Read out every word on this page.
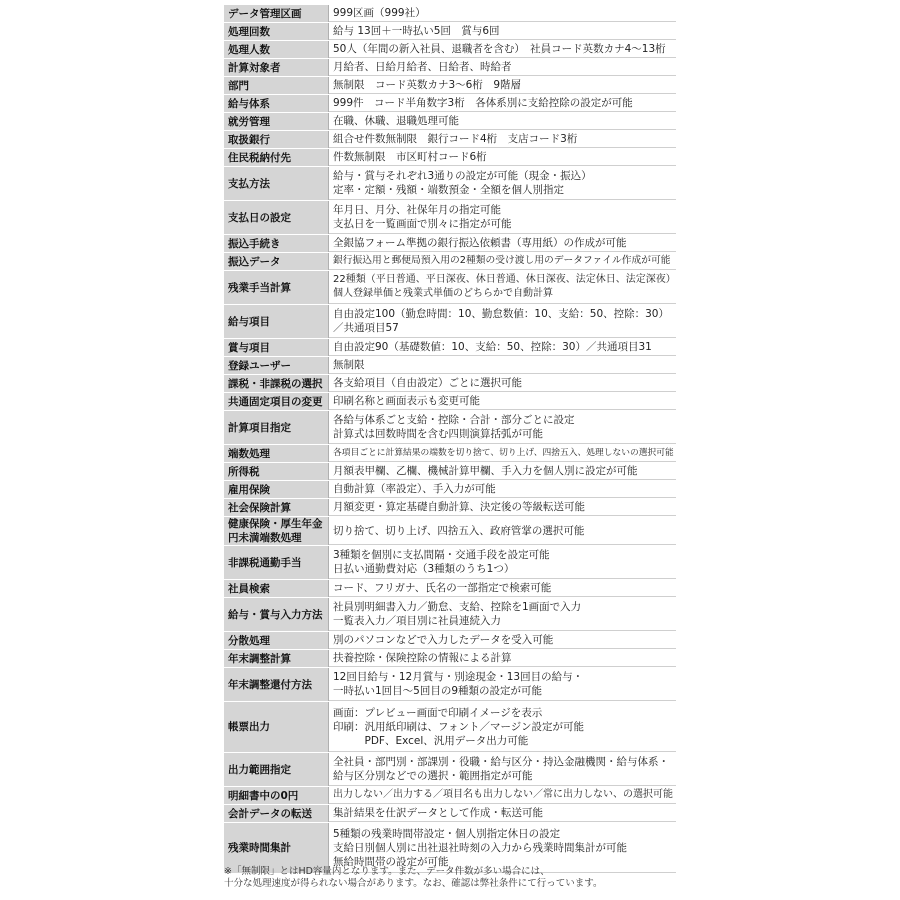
データ管理区画	999区画（999社）

処理回数	給与 13回＋一時払い5回　賞与6回

処理人数	50人（年間の新入社員、退職者を含む）　社員コード英数カナ4～13桁

計算対象者	月給者、日給月給者、日給者、時給者

部門	無制限　コード英数カナ3～6桁　9階層

給与体系	999件　コード半角数字3桁　各体系別に支給控除の設定が可能

就労管理	在職、休職、退職処理可能

取扱銀行	組合せ件数無制限　銀行コード4桁　支店コード3桁

住民税納付先	件数無制限　市区町村コード6桁

支払方法	給与・賞与それぞれ3通りの設定が可能（現金・振込）
定率・定額・残額・端数預金・全額を個人別指定

支払日の設定	年月日、月分、社保年月の指定可能
支払日を一覧画面で別々に指定が可能

振込手続き	全銀協フォーム準拠の銀行振込依頼書（専用紙）の作成が可能

振込データ	銀行振込用と郵便局預入用の2種類の受け渡し用のデータファイル作成が可能

残業手当計算	22種類（平日普通、平日深夜、休日普通、休日深夜、法定休日、法定深夜）
個人登録単価と残業式単価のどちらかで自動計算

給与項目	自由設定100（勤怠時間：10、勤怠数値：10、支給：50、控除：30）
／共通項目57

賞与項目	自由設定90（基礎数値：10、支給：50、控除：30）／共通項目31

登録ユーザー	無制限

課税・非課税の選択	各支給項目（自由設定）ごとに選択可能

共通固定項目の変更	印刷名称と画面表示も変更可能

計算項目指定	各給与体系ごと支給・控除・合計・部分ごとに設定
計算式は回数時間を含む四則演算括弧が可能

端数処理	各項目ごとに計算結果の端数を切り捨て、切り上げ、四捨五入、処理しないの選択可能

所得税	月額表甲欄、乙欄、機械計算甲欄、手入力を個人別に設定が可能

雇用保険	自動計算（率設定）、手入力が可能

社会保険計算	月額変更・算定基礎自動計算、決定後の等級転送可能

健康保険・厚生年金円未満端数処理	切り捨て、切り上げ、四捨五入、政府管掌の選択可能

非課税通勤手当	3種類を個別に支払間隔・交通手段を設定可能
日払い通勤費対応（3種類のうち1つ）

社員検索	コード、フリガナ、氏名の一部指定で検索可能

給与・賞与入力方法	社員別明細書入力／勤怠、支給、控除を1画面で入力
一覧表入力／項目別に社員連続入力

分散処理	別のパソコンなどで入力したデータを受入可能

年末調整計算	扶養控除・保険控除の情報による計算

年末調整還付方法	12回目給与・12月賞与・別途現金・13回目の給与・
一時払い1回目～5回目の9種類の設定が可能

帳票出力	画面：プレビュー画面で印刷イメージを表示
印刷：汎用紙印刷は、フォント／マージン設定が可能
　　　PDF、Excel、汎用データ出力可能

出力範囲指定	全社員・部門別・部課別・役職・給与区分・持込金融機関・給与体系・
給与区分別などでの選択・範囲指定が可能

明細書中の0円	出力しない／出力する／項目名も出力しない／常に出力しない、の選択可能

会計データの転送	集計結果を仕訳データとして作成・転送可能

残業時間集計	5種類の残業時間帯設定・個人別指定休日の設定
支給日別個人別に出社退社時刻の入力から残業時間集計が可能
無給時間帯の設定が可能
※「無制限」とはHD容量内となります。また、データ件数が多い場合には、
十分な処理速度が得られない場合があります。なお、確認は弊社条件にて行っています。
